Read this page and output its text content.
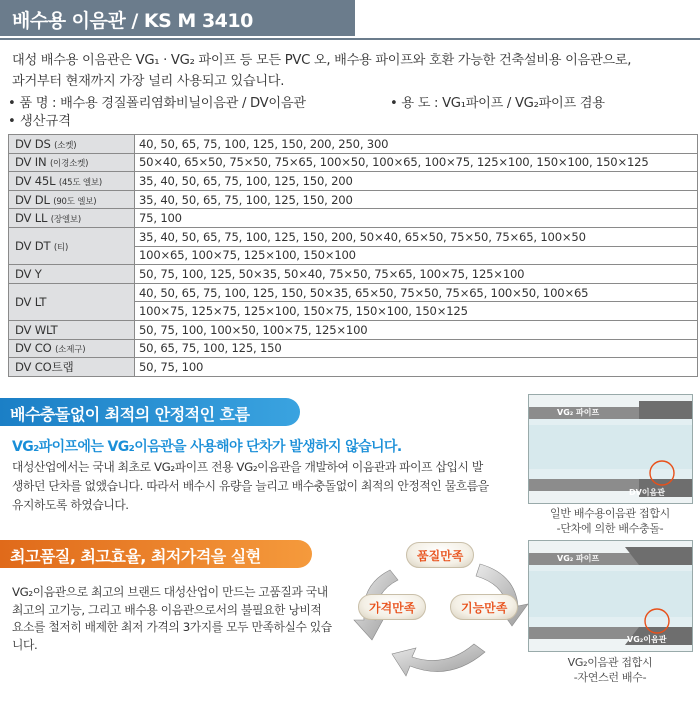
배수용 이음관 / KS M 3410
대성 배수용 이음관은 VG₁ · VG₂ 파이프 등 모든 PVC 오, 배수용 파이프와 호환 가능한 건축설비용 이음관으로,
과거부터 현재까지 가장 널리 사용되고 있습니다.
• 품 명 : 배수용 경질폴리염화비닐이음관 / DV이음관	• 용 도 : VG₁파이프 / VG₂파이프 겸용
• 생산규격
DV DS (소켓)	40, 50, 65, 75, 100, 125, 150, 200, 250, 300
DV IN (이경소켓)	50×40, 65×50, 75×50, 75×65, 100×50, 100×65, 100×75, 125×100, 150×100, 150×125
DV 45L (45도 엘보)	35, 40, 50, 65, 75, 100, 125, 150, 200
DV DL (90도 엘보)	35, 40, 50, 65, 75, 100, 125, 150, 200
DV LL (장엘보)	75, 100
DV DT (티)	35, 40, 50, 65, 75, 100, 125, 150, 200, 50×40, 65×50, 75×50, 75×65, 100×50
	100×65, 100×75, 125×100, 150×100
DV Y	50, 75, 100, 125, 50×35, 50×40, 75×50, 75×65, 100×75, 125×100
DV LT	40, 50, 65, 75, 100, 125, 150, 50×35, 65×50, 75×50, 75×65, 100×50, 100×65
	100×75, 125×75, 125×100, 150×75, 150×100, 150×125
DV WLT	50, 75, 100, 100×50, 100×75, 125×100
DV CO (소제구)	50, 65, 75, 100, 125, 150
DV CO트랩	50, 75, 100
배수충돌없이 최적의 안정적인 흐름
VG₂파이프에는 VG₂이음관을 사용해야 단차가 발생하지 않습니다.
대성산업에서는 국내 최초로 VG₂파이프 전용 VG₂이음관을 개발하여 이음관과 파이프 삽입시 발생하던 단차를 없앴습니다. 따라서 배수시 유량을 늘리고 배수충돌없이 최적의 안정적인 물흐름을 유지하도록 하였습니다.
최고품질, 최고효율, 최저가격을 실현
VG₂이음관으로 최고의 브랜드 대성산업이 만드는 고품질과 국내 최고의 고기능, 그리고 배수용 이음관으로서의 불필요한 낭비적 요소를 철저히 배제한 최저 가격의 3가지를 모두 만족하실수 있습니다.
품질만족
가격만족	기능만족
VG₂ 파이프
DV이음관
일반 배수용이음관 접합시
-단차에 의한 배수충돌-
VG₂ 파이프
VG₂이음관
VG₂이음관 접합시
-자연스런 배수-
